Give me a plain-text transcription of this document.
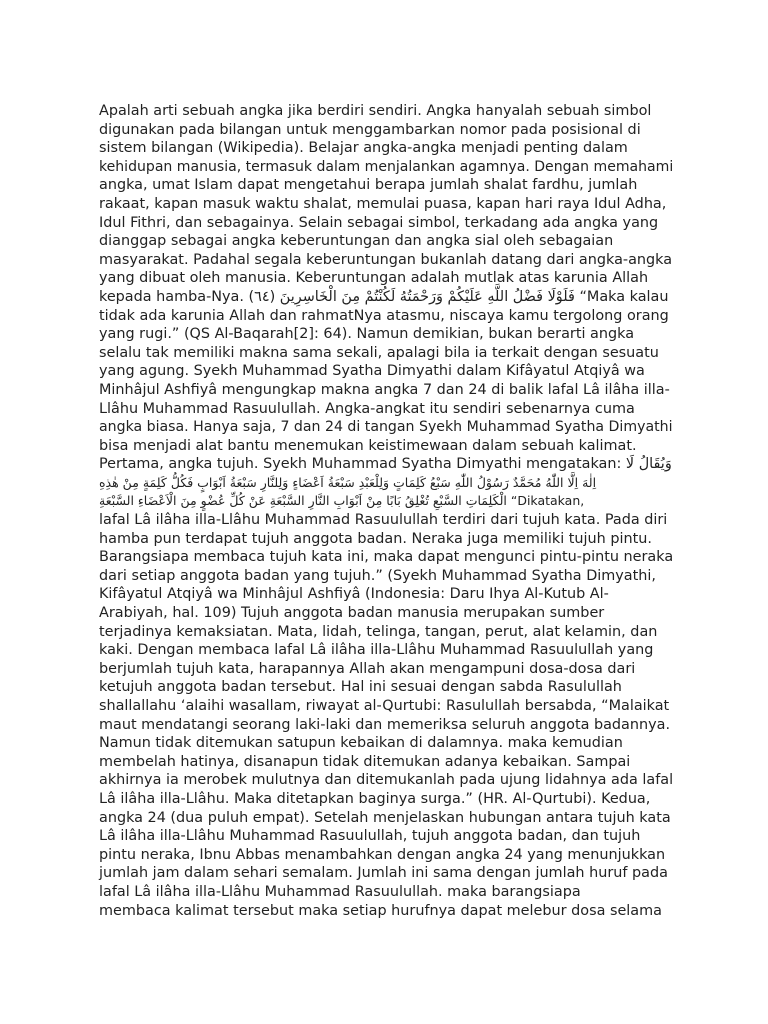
Apalah arti sebuah angka jika berdiri sendiri. Angka hanyalah sebuah simbol
digunakan pada bilangan untuk menggambarkan nomor pada posisional di
sistem bilangan (Wikipedia). Belajar angka-angka menjadi penting dalam
kehidupan manusia, termasuk dalam menjalankan agamnya. Dengan memahami
angka, umat Islam dapat mengetahui berapa jumlah shalat fardhu, jumlah
rakaat, kapan masuk waktu shalat, memulai puasa, kapan hari raya Idul Adha,
Idul Fithri, dan sebagainya. Selain sebagai simbol, terkadang ada angka yang
dianggap sebagai angka keberuntungan dan angka sial oleh sebagaian
masyarakat. Padahal segala keberuntungan bukanlah datang dari angka-angka
yang dibuat oleh manusia. Keberuntungan adalah mutlak atas karunia Allah
kepada hamba-Nya. (٦٤) فَلَوْلَا فَضْلُ اللَّهِ عَلَيْكُمْ وَرَحْمَتُهُ لَكُنْتُمْ مِنَ الْخَاسِرِينَ “Maka kalau
tidak ada karunia Allah dan rahmatNya atasmu, niscaya kamu tergolong orang
yang rugi.” (QS Al-Baqarah[2]: 64). Namun demikian, bukan berarti angka
selalu tak memiliki makna sama sekali, apalagi bila ia terkait dengan sesuatu
yang agung. Syekh Muhammad Syatha Dimyathi dalam Kifâyatul Atqiyâ wa
Minhâjul Ashfiyâ mengungkap makna angka 7 dan 24 di balik lafal Lâ ilâha illa-
Llâhu Muhammad Rasuulullah. Angka-angkat itu sendiri sebenarnya cuma
angka biasa. Hanya saja, 7 dan 24 di tangan Syekh Muhammad Syatha Dimyathi
bisa menjadi alat bantu menemukan keistimewaan dalam sebuah kalimat.
Pertama, angka tujuh. Syekh Muhammad Syatha Dimyathi mengatakan: وَيُقَالُ لَا
اِلٰهَ اِلَّا اللّٰهُ مُحَمَّدٌ رَسُوْلُ اللّٰهِ سَبْعُ كَلِمَاتٍ وَلِلْعَبْدِ سَبْعَةُ اَعْضَاءٍ وَلِلنَّارِ سَبْعَةُ اَبْوَابٍ فَكُلُّ كَلِمَةٍ مِنْ هٰذِهِ
الْكَلِمَاتِ السَّبْعِ تُغْلِقُ بَابًا مِنْ اَبْوَابِ النَّارِ السَّبْعَةِ عَنْ كُلِّ عُضْوٍ مِنَ الْاَعْضَاءِ السَّبْعَةِ “Dikatakan,
lafal Lâ ilâha illa-Llâhu Muhammad Rasuulullah terdiri dari tujuh kata. Pada diri
hamba pun terdapat tujuh anggota badan. Neraka juga memiliki tujuh pintu.
Barangsiapa membaca tujuh kata ini, maka dapat mengunci pintu-pintu neraka
dari setiap anggota badan yang tujuh.” (Syekh Muhammad Syatha Dimyathi,
Kifâyatul Atqiyâ wa Minhâjul Ashfiyâ (Indonesia: Daru Ihya Al-Kutub Al-
Arabiyah, hal. 109) Tujuh anggota badan manusia merupakan sumber
terjadinya kemaksiatan. Mata, lidah, telinga, tangan, perut, alat kelamin, dan
kaki. Dengan membaca lafal Lâ ilâha illa-Llâhu Muhammad Rasuulullah yang
berjumlah tujuh kata, harapannya Allah akan mengampuni dosa-dosa dari
ketujuh anggota badan tersebut. Hal ini sesuai dengan sabda Rasulullah
shallallahu ‘alaihi wasallam, riwayat al-Qurtubi: Rasulullah bersabda, “Malaikat
maut mendatangi seorang laki-laki dan memeriksa seluruh anggota badannya.
Namun tidak ditemukan satupun kebaikan di dalamnya. maka kemudian
membelah hatinya, disanapun tidak ditemukan adanya kebaikan. Sampai
akhirnya ia merobek mulutnya dan ditemukanlah pada ujung lidahnya ada lafal
Lâ ilâha illa-Llâhu. Maka ditetapkan baginya surga.” (HR. Al-Qurtubi). Kedua,
angka 24 (dua puluh empat). Setelah menjelaskan hubungan antara tujuh kata
Lâ ilâha illa-Llâhu Muhammad Rasuulullah, tujuh anggota badan, dan tujuh
pintu neraka, Ibnu Abbas menambahkan dengan angka 24 yang menunjukkan
jumlah jam dalam sehari semalam. Jumlah ini sama dengan jumlah huruf pada
lafal Lâ ilâha illa-Llâhu Muhammad Rasuulullah. maka barangsiapa
membaca kalimat tersebut maka setiap hurufnya dapat melebur dosa selama
